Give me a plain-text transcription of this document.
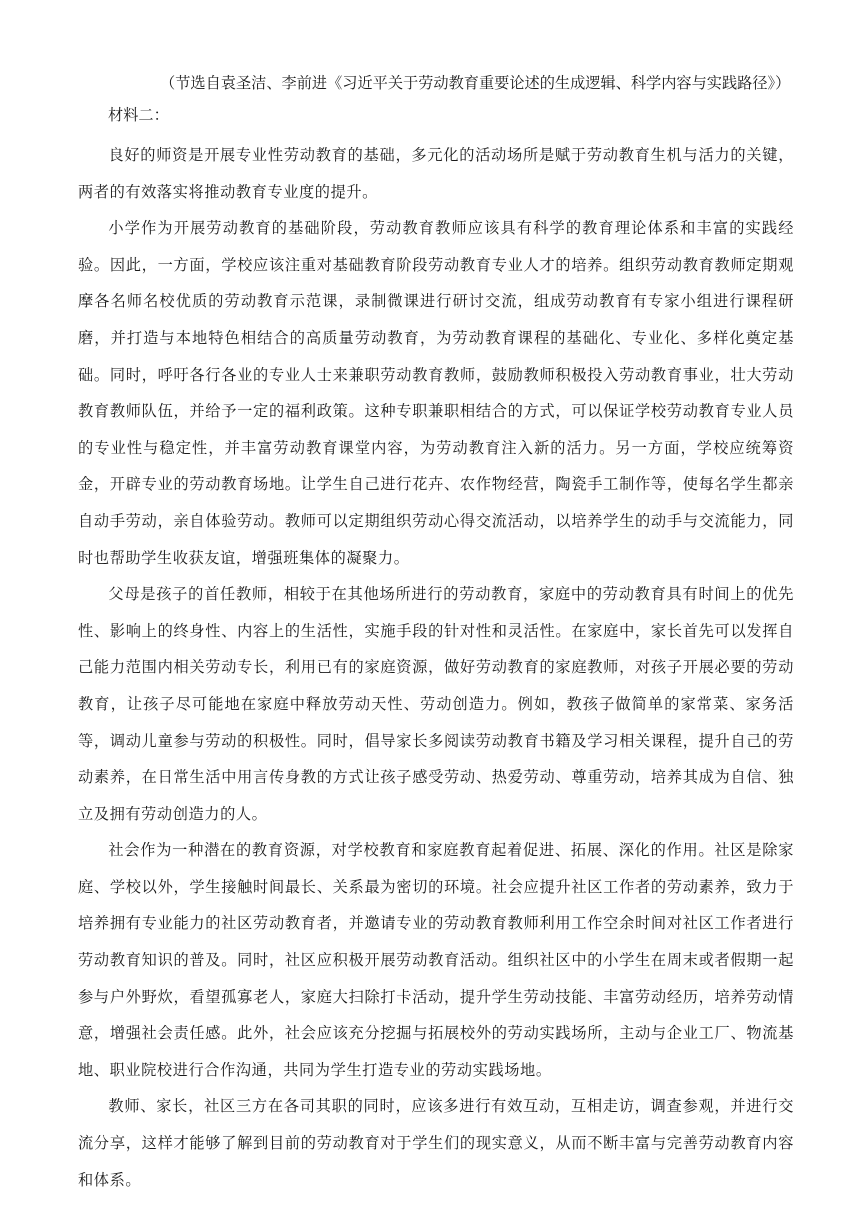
（节选自袁圣洁、李前进《习近平关于劳动教育重要论述的生成逻辑、科学内容与实践路径》）
材料二：

良好的师资是开展专业性劳动教育的基础，多元化的活动场所是赋于劳动教育生机与活力的关键，两者的有效落实将推动教育专业度的提升。

小学作为开展劳动教育的基础阶段，劳动教育教师应该具有科学的教育理论体系和丰富的实践经验。因此，一方面，学校应该注重对基础教育阶段劳动教育专业人才的培养。组织劳动教育教师定期观摩各名师名校优质的劳动教育示范课，录制微课进行研讨交流，组成劳动教育有专家小组进行课程研磨，并打造与本地特色相结合的高质量劳动教育，为劳动教育课程的基础化、专业化、多样化奠定基础。同时，呼吁各行各业的专业人士来兼职劳动教育教师，鼓励教师积极投入劳动教育事业，壮大劳动教育教师队伍，并给予一定的福利政策。这种专职兼职相结合的方式，可以保证学校劳动教育专业人员的专业性与稳定性，并丰富劳动教育课堂内容，为劳动教育注入新的活力。另一方面，学校应统筹资金，开辟专业的劳动教育场地。让学生自己进行花卉、农作物经营，陶瓷手工制作等，使每名学生都亲自动手劳动，亲自体验劳动。教师可以定期组织劳动心得交流活动，以培养学生的动手与交流能力，同时也帮助学生收获友谊，增强班集体的凝聚力。

父母是孩子的首任教师，相较于在其他场所进行的劳动教育，家庭中的劳动教育具有时间上的优先性、影响上的终身性、内容上的生活性，实施手段的针对性和灵活性。在家庭中，家长首先可以发挥自己能力范围内相关劳动专长，利用已有的家庭资源，做好劳动教育的家庭教师，对孩子开展必要的劳动教育，让孩子尽可能地在家庭中释放劳动天性、劳动创造力。例如，教孩子做简单的家常菜、家务活等，调动儿童参与劳动的积极性。同时，倡导家长多阅读劳动教育书籍及学习相关课程，提升自己的劳动素养，在日常生活中用言传身教的方式让孩子感受劳动、热爱劳动、尊重劳动，培养其成为自信、独立及拥有劳动创造力的人。

社会作为一种潜在的教育资源，对学校教育和家庭教育起着促进、拓展、深化的作用。社区是除家庭、学校以外，学生接触时间最长、关系最为密切的环境。社会应提升社区工作者的劳动素养，致力于培养拥有专业能力的社区劳动教育者，并邀请专业的劳动教育教师利用工作空余时间对社区工作者进行劳动教育知识的普及。同时，社区应积极开展劳动教育活动。组织社区中的小学生在周末或者假期一起参与户外野炊，看望孤寡老人，家庭大扫除打卡活动，提升学生劳动技能、丰富劳动经历，培养劳动情意，增强社会责任感。此外，社会应该充分挖掘与拓展校外的劳动实践场所，主动与企业工厂、物流基地、职业院校进行合作沟通，共同为学生打造专业的劳动实践场地。

教师、家长，社区三方在各司其职的同时，应该多进行有效互动，互相走访，调查参观，并进行交流分享，这样才能够了解到目前的劳动教育对于学生们的现实意义，从而不断丰富与完善劳动教育内容和体系。
